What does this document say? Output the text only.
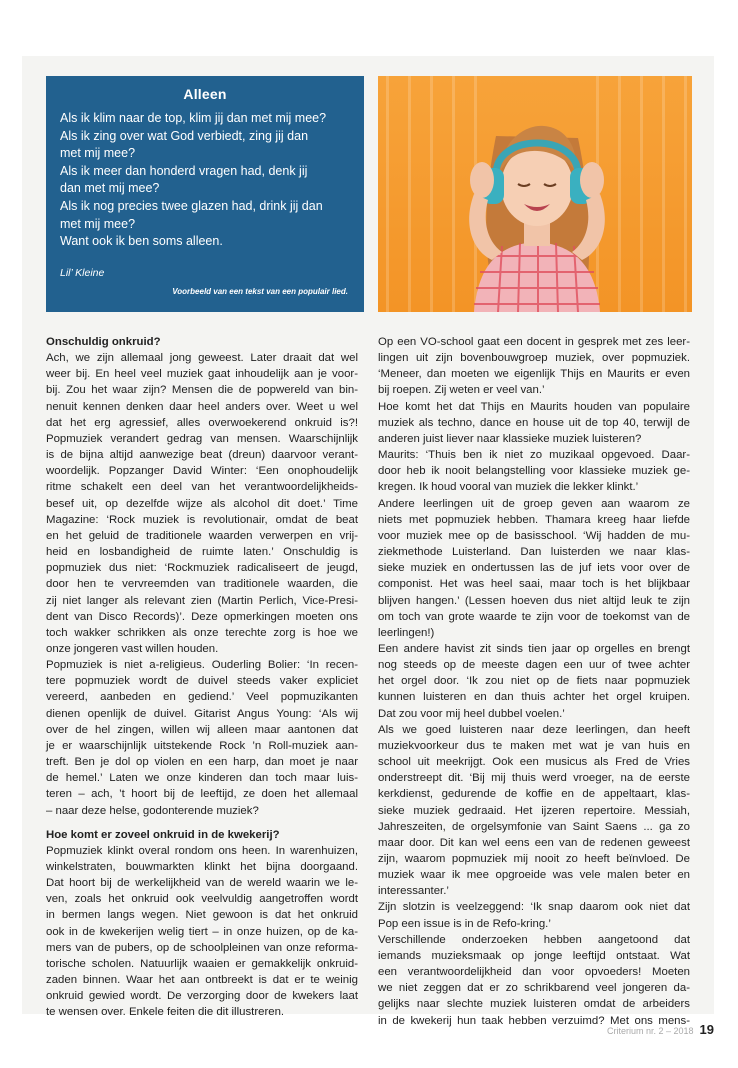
Alleen
Als ik klim naar de top, klim jij dan met mij mee?
Als ik zing over wat God verbiedt, zing jij dan
met mij mee?
Als ik meer dan honderd vragen had, denk jij
dan met mij mee?
Als ik nog precies twee glazen had, drink jij dan
met mij mee?
Want ook ik ben soms alleen.
Lil’ Kleine
Voorbeeld van een tekst van een populair lied.
Onschuldig onkruid?
Ach, we zijn allemaal jong geweest. Later draait dat wel
weer bij. En heel veel muziek gaat inhoudelijk aan je voor-
bij. Zou het waar zijn? Mensen die de popwereld van bin-
nenuit kennen denken daar heel anders over. Weet u wel
dat het erg agressief, alles overwoekerend onkruid is?!
Popmuziek verandert gedrag van mensen. Waarschijnlijk
is de bijna altijd aanwezige beat (dreun) daarvoor verant-
woordelijk. Popzanger David Winter: ‘Een onophoudelijk
ritme schakelt een deel van het verantwoordelijkheids-
besef uit, op dezelfde wijze als alcohol dit doet.’ Time
Magazine: ‘Rock muziek is revolutionair, omdat de beat
en het geluid de traditionele waarden verwerpen en vrij-
heid en losbandigheid de ruimte laten.’ Onschuldig is
popmuziek dus niet: ‘Rockmuziek radicaliseert de jeugd,
door hen te vervreemden van traditionele waarden, die
zij niet langer als relevant zien (Martin Perlich, Vice-Presi-
dent van Disco Records)’. Deze opmerkingen moeten ons
toch wakker schrikken als onze terechte zorg is hoe we
onze jongeren vast willen houden.
Popmuziek is niet a-religieus. Ouderling Bolier: ‘In recen-
tere popmuziek wordt de duivel steeds vaker expliciet
vereerd, aanbeden en gediend.’ Veel popmuzikanten
dienen openlijk de duivel. Gitarist Angus Young: ‘Als wij
over de hel zingen, willen wij alleen maar aantonen dat
je er waarschijnlijk uitstekende Rock ’n Roll-muziek aan-
treft. Ben je dol op violen en een harp, dan moet je naar
de hemel.’ Laten we onze kinderen dan toch maar luis-
teren – ach, ’t hoort bij de leeftijd, ze doen het allemaal
– naar deze helse, godonterende muziek?
Hoe komt er zoveel onkruid in de kwekerij?
Popmuziek klinkt overal rondom ons heen. In warenhuizen,
winkelstraten, bouwmarkten klinkt het bijna doorgaand.
Dat hoort bij de werkelijkheid van de wereld waarin we le-
ven, zoals het onkruid ook veelvuldig aangetroffen wordt
in bermen langs wegen. Niet gewoon is dat het onkruid
ook in de kwekerijen welig tiert – in onze huizen, op de ka-
mers van de pubers, op de schoolpleinen van onze reforma-
torische scholen. Natuurlijk waaien er gemakkelijk onkruid-
zaden binnen. Waar het aan ontbreekt is dat er te weinig
onkruid gewied wordt. De verzorging door de kwekers laat
te wensen over. Enkele feiten die dit illustreren.
Op een VO-school gaat een docent in gesprek met zes leer-
lingen uit zijn bovenbouwgroep muziek, over popmuziek.
‘Meneer, dan moeten we eigenlijk Thijs en Maurits er even
bij roepen. Zij weten er veel van.’
Hoe komt het dat Thijs en Maurits houden van populaire
muziek als techno, dance en house uit de top 40, terwijl de
anderen juist liever naar klassieke muziek luisteren?
Maurits: ‘Thuis ben ik niet zo muzikaal opgevoed. Daar-
door heb ik nooit belangstelling voor klassieke muziek ge-
kregen. Ik houd vooral van muziek die lekker klinkt.’
Andere leerlingen uit de groep geven aan waarom ze
niets met popmuziek hebben. Thamara kreeg haar liefde
voor muziek mee op de basisschool. ‘Wij hadden de mu-
ziekmethode Luisterland. Dan luisterden we naar klas-
sieke muziek en ondertussen las de juf iets voor over de
componist. Het was heel saai, maar toch is het blijkbaar
blijven hangen.’ (Lessen hoeven dus niet altijd leuk te zijn
om toch van grote waarde te zijn voor de toekomst van de
leerlingen!)
Een andere havist zit sinds tien jaar op orgelles en brengt
nog steeds op de meeste dagen een uur of twee achter
het orgel door. ‘Ik zou niet op de fiets naar popmuziek
kunnen luisteren en dan thuis achter het orgel kruipen.
Dat zou voor mij heel dubbel voelen.’
Als we goed luisteren naar deze leerlingen, dan heeft
muziekvoorkeur dus te maken met wat je van huis en
school uit meekrijgt. Ook een musicus als Fred de Vries
onderstreept dit. ‘Bij mij thuis werd vroeger, na de eerste
kerkdienst, gedurende de koffie en de appeltaart, klas-
sieke muziek gedraaid. Het ijzeren repertoire. Messiah,
Jahreszeiten, de orgelsymfonie van Saint Saens ... ga zo
maar door. Dit kan wel eens een van de redenen geweest
zijn, waarom popmuziek mij nooit zo heeft beïnvloed. De
muziek waar ik mee opgroeide was vele malen beter en
interessanter.’
Zijn slotzin is veelzeggend: ‘Ik snap daarom ook niet dat
Pop een issue is in de Refo-kring.’
Verschillende onderzoeken hebben aangetoond dat
iemands muzieksmaak op jonge leeftijd ontstaat. Wat
een verantwoordelijkheid dan voor opvoeders! Moeten
we niet zeggen dat er zo schrikbarend veel jongeren da-
gelijks naar slechte muziek luisteren omdat de arbeiders
in de kwekerij hun taak hebben verzuimd? Met ons mens-
Criterium nr. 2 – 2018 19
